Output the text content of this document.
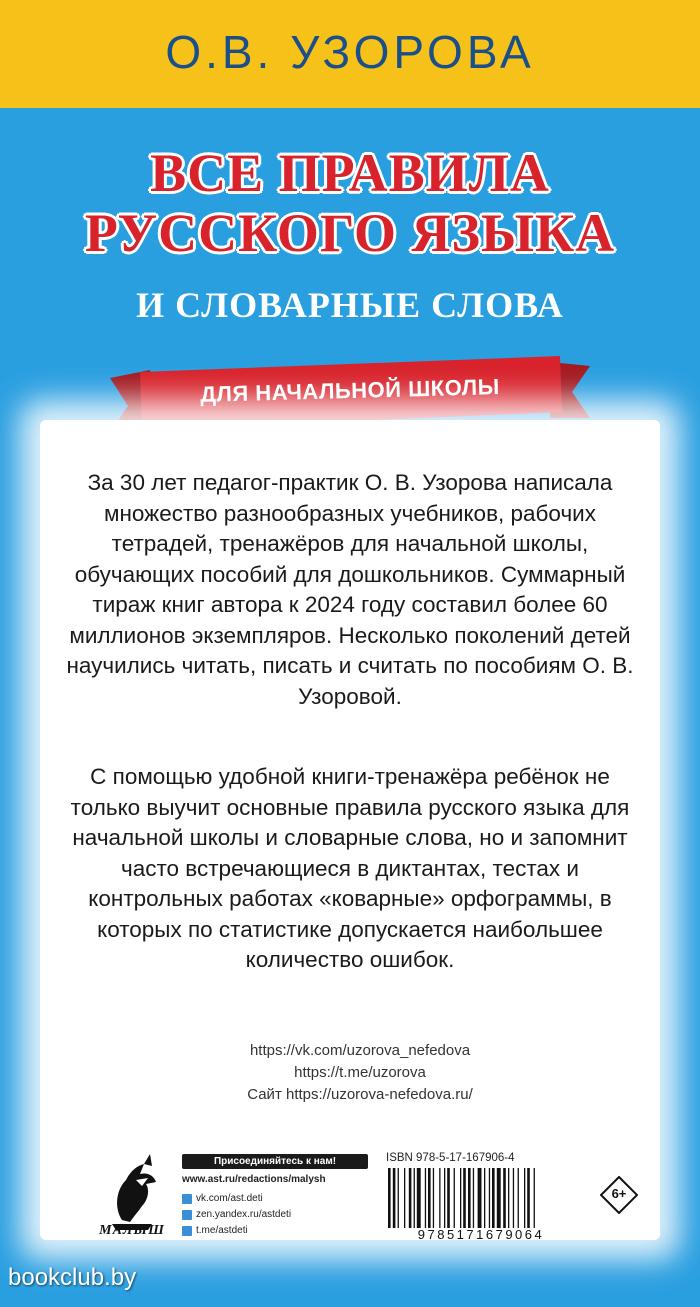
О.В. УЗОРОВА
ВСЕ ПРАВИЛА
РУССКОГО ЯЗЫКА
И СЛОВАРНЫЕ СЛОВА
ДЛЯ НАЧАЛЬНОЙ ШКОЛЫ
За 30 лет педагог-практик О. В. Узорова написала множество разнообразных учебников, рабочих тетрадей, тренажёров для начальной школы, обучающих пособий для дошкольников. Суммарный тираж книг автора к 2024 году составил более 60 миллионов экземпляров. Несколько поколений детей научились читать, писать и считать по пособиям О. В. Узоровой.
С помощью удобной книги-тренажёра ребёнок не только выучит основные правила русского языка для начальной школы и словарные слова, но и запомнит часто встречающиеся в диктантах, тестах и контрольных работах «коварные» орфограммы, в которых по статистике допускается наибольшее количество ошибок.
https://vk.com/uzorova_nefedova
https://t.me/uzorova
Сайт https://uzorova-nefedova.ru/
МАЛЫШ
Присоединяйтесь к нам!
www.ast.ru/redactions/malysh
vk.com/ast.deti
zen.yandex.ru/astdeti
t.me/astdeti
ISBN 978-5-17-167906-4
9785171679064
6+
bookclub.by
